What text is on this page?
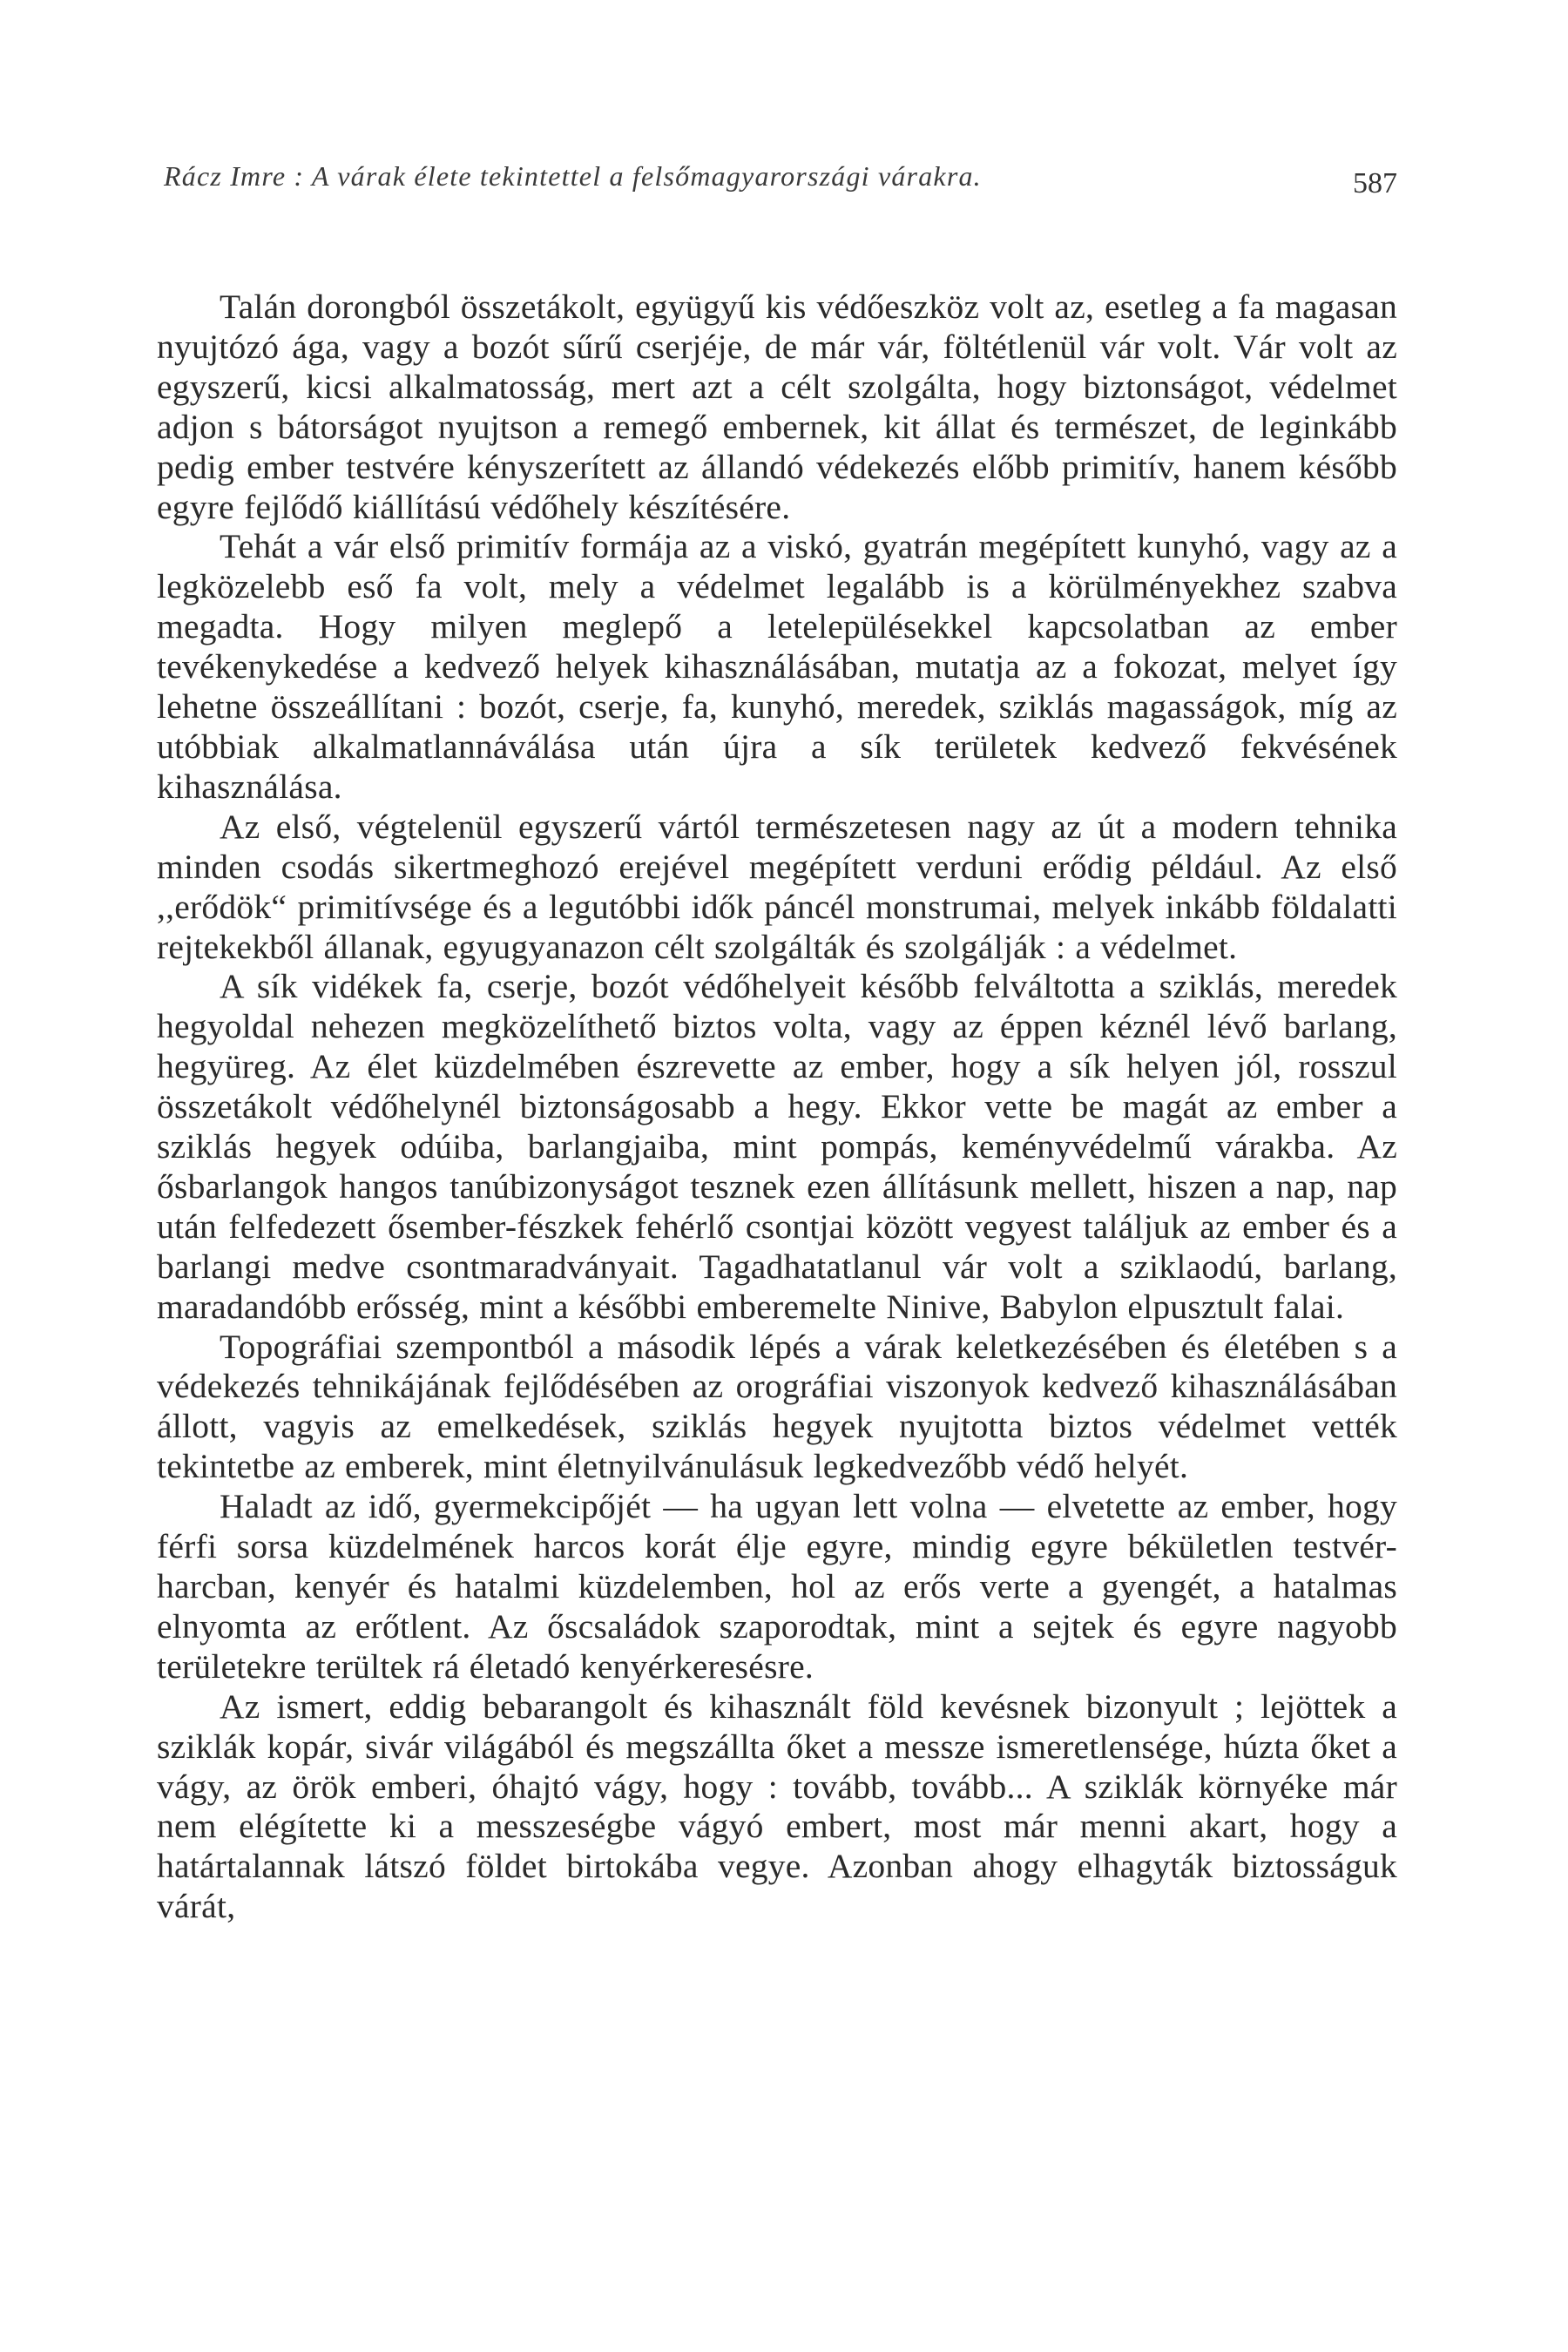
Rácz Imre : A várak élete tekintettel a felsőmagyarországi várakra.	587

Talán dorongból összetákolt, együgyű kis védőeszköz volt az, esetleg a fa magasan nyujtózó ága, vagy a bozót sűrű cserjéje, de már vár, föltétlenül vár volt. Vár volt az egyszerű, kicsi alkalmatosság, mert azt a célt szolgálta, hogy biztonságot, védelmet adjon s bátorságot nyujtson a remegő embernek, kit állat és természet, de leginkább pedig ember testvére kényszerített az állandó védekezés előbb primitív, hanem később egyre fejlődő kiállítású védőhely készítésére.

Tehát a vár első primitív formája az a viskó, gyatrán megépített kunyhó, vagy az a legközelebb eső fa volt, mely a védelmet legalább is a körülményekhez szabva megadta. Hogy milyen meglepő a letelepülésekkel kapcsolatban az ember tevékenykedése a kedvező helyek kihasználásában, mutatja az a fokozat, melyet így lehetne összeállítani : bozót, cserje, fa, kunyhó, meredek, sziklás magasságok, míg az utóbbiak alkalmatlannáválása után újra a sík területek kedvező fekvésének kihasználása.

Az első, végtelenül egyszerű vártól természetesen nagy az út a modern tehnika minden csodás sikertmeghozó erejével megépített verduni erődig például. Az első ,,erődök“ primitívsége és a legutóbbi idők páncél monstrumai, melyek inkább földalatti rejtekekből állanak, egyugyanazon célt szolgálták és szolgálják : a védelmet.

A sík vidékek fa, cserje, bozót védőhelyeit később felváltotta a sziklás, meredek hegyoldal nehezen megközelíthető biztos volta, vagy az éppen kéznél lévő barlang, hegyüreg. Az élet küzdelmében észrevette az ember, hogy a sík helyen jól, rosszul összetákolt védőhelynél biztonságosabb a hegy. Ekkor vette be magát az ember a sziklás hegyek odúiba, barlangjaiba, mint pompás, keményvédelmű várakba. Az ősbarlangok hangos tanúbizonyságot tesznek ezen állításunk mellett, hiszen a nap, nap után felfedezett ősember-fészkek fehérlő csontjai között vegyest találjuk az ember és a barlangi medve csontmaradványait. Tagadhatatlanul vár volt a sziklaodú, barlang, maradandóbb erősség, mint a későbbi emberemelte Ninive, Babylon elpusztult falai.

Topográfiai szempontból a második lépés a várak keletkezésében és életében s a védekezés tehnikájának fejlődésében az orográfiai viszonyok kedvező kihasználásában állott, vagyis az emelkedések, sziklás hegyek nyujtotta biztos védelmet vették tekintetbe az emberek, mint életnyilvánulásuk legkedvezőbb védő helyét.

Haladt az idő, gyermekcipőjét — ha ugyan lett volna — elvetette az ember, hogy férfi sorsa küzdelmének harcos korát élje egyre, mindig egyre békületlen testvér-harcban, kenyér és hatalmi küzdelemben, hol az erős verte a gyengét, a hatalmas elnyomta az erőtlent. Az őscsaládok szaporodtak, mint a sejtek és egyre nagyobb területekre terültek rá életadó kenyérkeresésre.

Az ismert, eddig bebarangolt és kihasznált föld kevésnek bizonyult ; lejöttek a sziklák kopár, sivár világából és megszállta őket a messze ismeretlensége, húzta őket a vágy, az örök emberi, óhajtó vágy, hogy : tovább, tovább... A sziklák környéke már nem elégítette ki a messzeségbe vágyó embert, most már menni akart, hogy a határtalannak látszó földet birtokába vegye. Azonban ahogy elhagyták biztosságuk várát,
